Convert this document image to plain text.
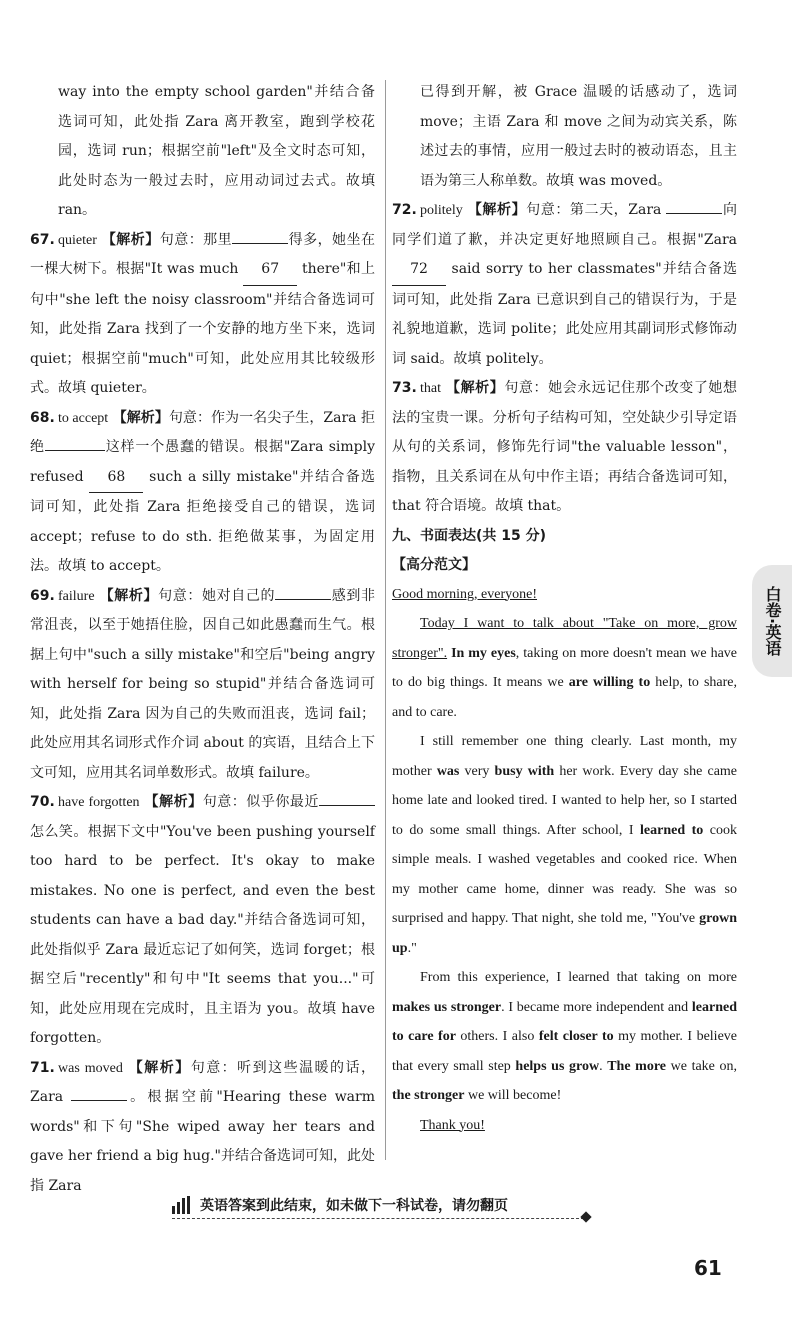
way into the empty school garden"并结合备选词可知，此处指 Zara 离开教室，跑到学校花园，选词 run；根据空前"left"及全文时态可知，此处时态为一般过去时，应用动词过去式。故填 ran。

67. quieter 【解析】句意：那里	得多，她坐在一棵大树下。根据"It was much 67 there"和上句中"she left the noisy classroom"并结合备选词可知，此处指 Zara 找到了一个安静的地方坐下来，选词 quiet；根据空前"much"可知，此处应用其比较级形式。故填 quieter。

68. to accept 【解析】句意：作为一名尖子生，Zara 拒绝	这样一个愚蠢的错误。根据"Zara simply refused 68 such a silly mistake"并结合备选词可知，此处指 Zara 拒绝接受自己的错误，选词 accept；refuse to do sth. 拒绝做某事，为固定用法。故填 to accept。

69. failure 【解析】句意：她对自己的	感到非常沮丧，以至于她捂住脸，因自己如此愚蠢而生气。根据上句中"such a silly mistake"和空后"being angry with herself for being so stupid"并结合备选词可知，此处指 Zara 因为自己的失败而沮丧，选词 fail；此处应用其名词形式作介词 about 的宾语，且结合上下文可知，应用其名词单数形式。故填 failure。

70. have forgotten 【解析】句意：似乎你最近怎么笑。根据下文中"You've been pushing yourself too hard to be perfect. It's okay to make mistakes. No one is perfect, and even the best students can have a bad day."并结合备选词可知，此处指似乎 Zara 最近忘记了如何笑，选词 forget；根据空后"recently"和句中"It seems that you..."可知，此处应用现在完成时，且主语为 you。故填 have forgotten。

71. was moved 【解析】句意：听到这些温暖的话，Zara	。根据空前"Hearing these warm words"和下句"She wiped away her tears and gave her friend a big hug."并结合备选词可知，此处指 Zara

已得到开解，被 Grace 温暖的话感动了，选词 move；主语 Zara 和 move 之间为动宾关系，陈述过去的事情，应用一般过去时的被动语态，且主语为第三人称单数。故填 was moved。

72. politely 【解析】句意：第二天，Zara	向同学们道了歉，并决定更好地照顾自己。根据"Zara 72 said sorry to her classmates"并结合备选词可知，此处指 Zara 已意识到自己的错误行为，于是礼貌地道歉，选词 polite；此处应用其副词形式修饰动词 said。故填 politely。

73. that 【解析】句意：她会永远记住那个改变了她想法的宝贵一课。分析句子结构可知，空处缺少引导定语从句的关系词，修饰先行词"the valuable lesson"，指物，且关系词在从句中作主语；再结合备选词可知，that 符合语境。故填 that。

九、书面表达(共 15 分)

【高分范文】

Good morning, everyone!

Today I want to talk about "Take on more, grow stronger". In my eyes, taking on more doesn't mean we have to do big things. It means we are willing to help, to share, and to care.

I still remember one thing clearly. Last month, my mother was very busy with her work. Every day she came home late and looked tired. I wanted to help her, so I started to do some small things. After school, I learned to cook simple meals. I washed vegetables and cooked rice. When my mother came home, dinner was ready. She was so surprised and happy. That night, she told me, "You've grown up."

From this experience, I learned that taking on more makes us stronger. I became more independent and learned to care for others. I also felt closer to my mother. I believe that every small step helps us grow. The more we take on, the stronger we will become!

Thank you!

白卷·英语
英语答案到此结束，如未做下一科试卷，请勿翻页
61
